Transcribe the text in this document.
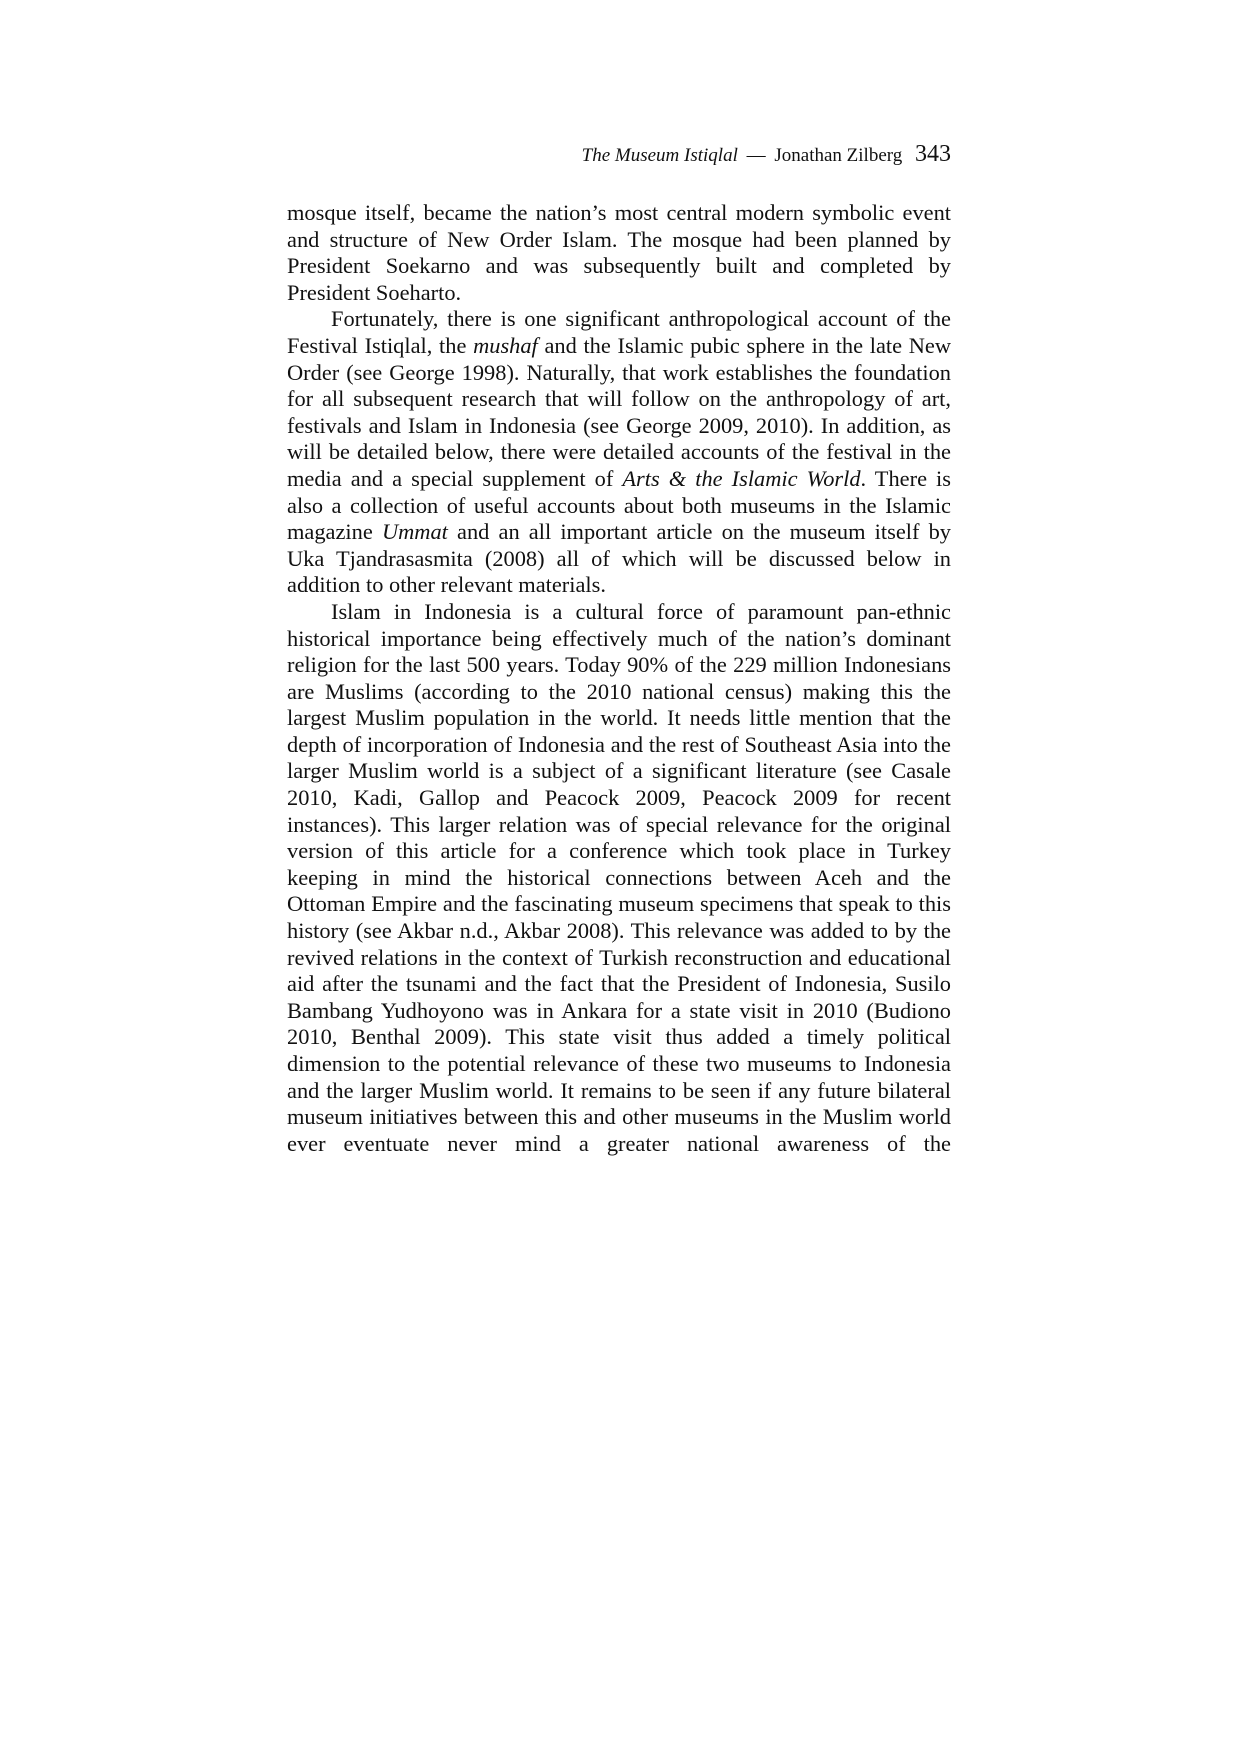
The Museum Istiqlal — Jonathan Zilberg 343

mosque itself, became the nation’s most central modern symbolic event and structure of New Order Islam. The mosque had been planned by President Soekarno and was subsequently built and completed by President Soeharto.

Fortunately, there is one significant anthropological account of the Festival Istiqlal, the mushaf and the Islamic pubic sphere in the late New Order (see George 1998). Naturally, that work establishes the foundation for all subsequent research that will follow on the anthropology of art, festivals and Islam in Indonesia (see George 2009, 2010). In addition, as will be detailed below, there were detailed accounts of the festival in the media and a special supplement of Arts & the Islamic World. There is also a collection of useful accounts about both museums in the Islamic magazine Ummat and an all important article on the museum itself by Uka Tjandrasasmita (2008) all of which will be discussed below in addition to other relevant materials.

Islam in Indonesia is a cultural force of paramount pan-ethnic historical importance being effectively much of the nation’s dominant religion for the last 500 years. Today 90% of the 229 million Indonesians are Muslims (according to the 2010 national census) making this the largest Muslim population in the world. It needs little mention that the depth of incorporation of Indonesia and the rest of Southeast Asia into the larger Muslim world is a subject of a significant literature (see Casale 2010, Kadi, Gallop and Peacock 2009, Peacock 2009 for recent instances). This larger relation was of special relevance for the original version of this article for a conference which took place in Turkey keeping in mind the historical connections between Aceh and the Ottoman Empire and the fascinating museum specimens that speak to this history (see Akbar n.d., Akbar 2008). This relevance was added to by the revived relations in the context of Turkish reconstruction and educational aid after the tsunami and the fact that the President of Indonesia, Susilo Bambang Yudhoyono was in Ankara for a state visit in 2010 (Budiono 2010, Benthal 2009). This state visit thus added a timely political dimension to the potential relevance of these two museums to Indonesia and the larger Muslim world. It remains to be seen if any future bilateral museum initiatives between this and other museums in the Muslim world ever eventuate never mind a greater national awareness of the
